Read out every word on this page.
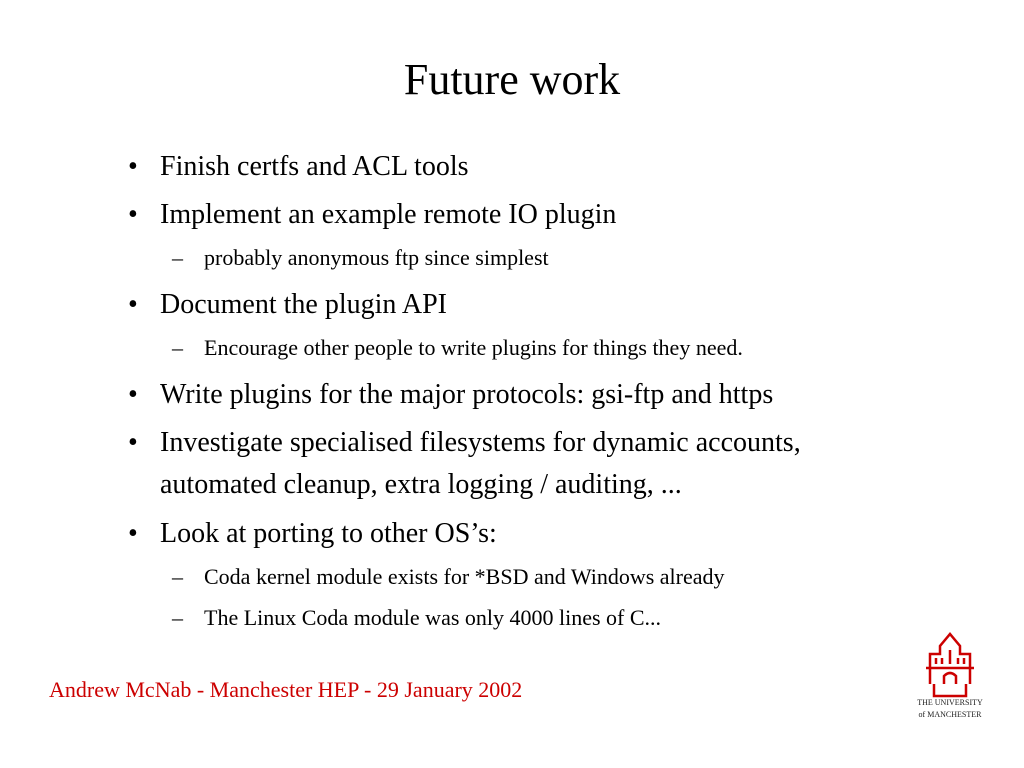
Future work
• Finish certfs and ACL tools
• Implement an example remote IO plugin
– probably anonymous ftp since simplest
• Document the plugin API
– Encourage other people to write plugins for things they need.
• Write plugins for the major protocols: gsi-ftp and https
• Investigate specialised filesystems for dynamic accounts,
automated cleanup, extra logging / auditing, ...
• Look at porting to other OS’s:
– Coda kernel module exists for *BSD and Windows already
– The Linux Coda module was only 4000 lines of C...
Andrew McNab - Manchester HEP - 29 January 2002
THE UNIVERSITY
of MANCHESTER
